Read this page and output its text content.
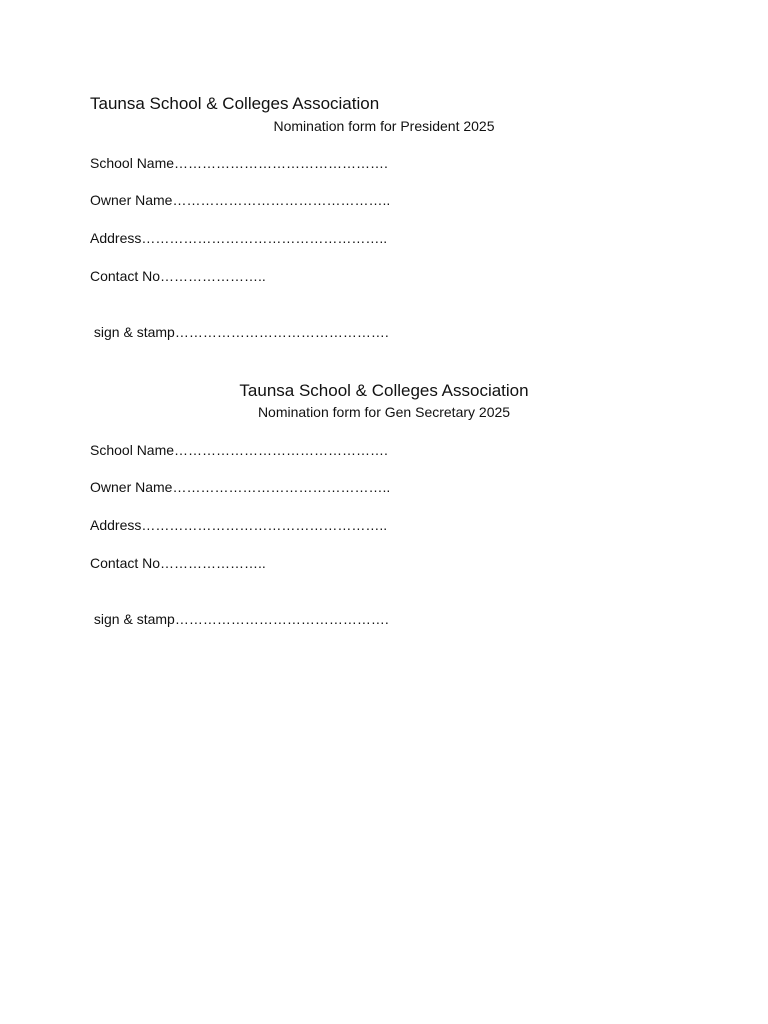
Taunsa School & Colleges Association
Nomination form for President 2025
School Name……………………………………….
Owner Name………………………………………..
Address……………………………………………..
Contact No…………………..
sign & stamp……………………………………….
Taunsa School & Colleges Association
Nomination form for Gen Secretary 2025
School Name……………………………………….
Owner Name………………………………………..
Address……………………………………………..
Contact No…………………..
sign & stamp……………………………………….
